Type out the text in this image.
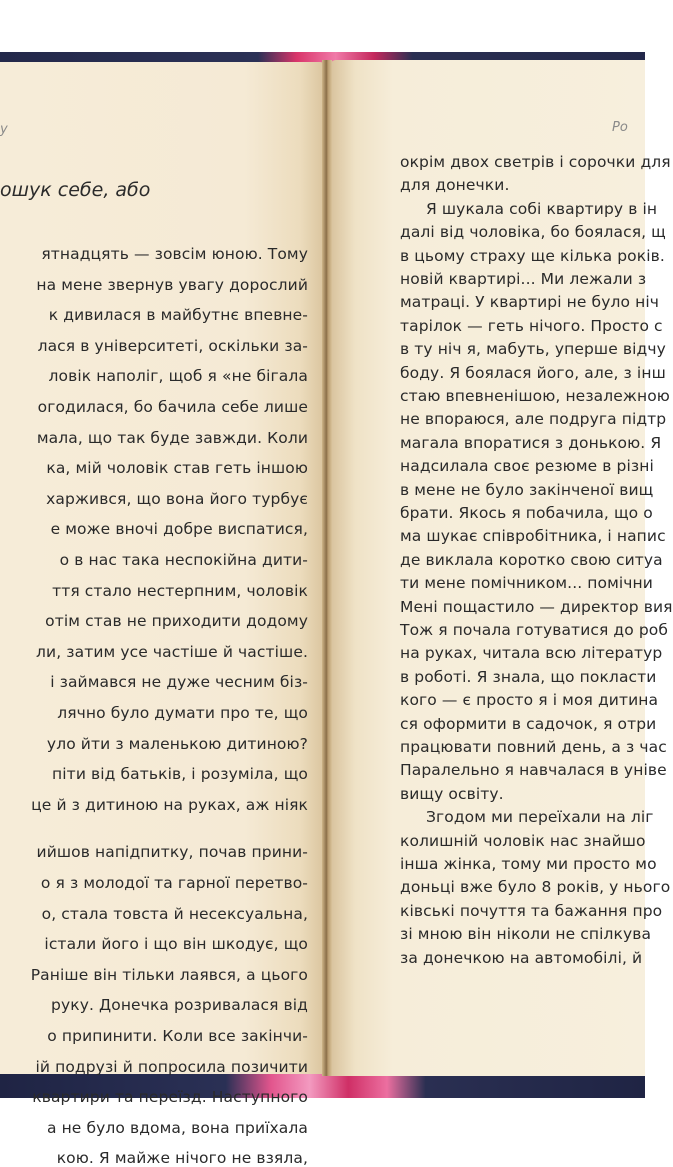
у
ошук себе, або
ятнадцять — зовсім юною. Тому
на мене звернув увагу дорослий
к дивилася в майбутнє впевне-
лася в університеті, оскільки за-
ловік наполіг, щоб я «не бігала
огодилася, бо бачила себе лише
мала, що так буде завжди. Коли
ка, мій чоловік став геть іншою
харжився, що вона його турбує
е може вночі добре виспатися,
о в нас така неспокійна дити-
ття стало нестерпним, чоловік
отім став не приходити додому
ли, затим усе частіше й частіше.
і займався не дуже чесним біз-
лячно було думати про те, що
уло йти з маленькою дитиною?
піти від батьків, і розуміла, що
це й з дитиною на руках, аж ніяк
ийшов напідпитку, почав прини-
о я з молодої та гарної перетво-
о, стала товста й несексуальна,
істали його і що він шкодує, що
Раніше він тільки лаявся, а цього
руку. Донечка розривалася від
о припинити. Коли все закінчи-
ій подрузі й попросила позичити
квартири та переїзд. Наступного
а не було вдома, вона приїхала
кою. Я майже нічого не взяла,
Ро
окрім двох светрів і сорочки для
для донечки.
Я шукала собі квартиру в ін
далі від чоловіка, бо боялася, щ
в цьому страху ще кілька років.
новій квартирі... Ми лежали з
матраці. У квартирі не було ніч
тарілок — геть нічого. Просто с
в ту ніч я, мабуть, уперше відчу
боду. Я боялася його, але, з інш
стаю впевненішою, незалежною
не впораюся, але подруга підтр
магала впоратися з донькою. Я
надсилала своє резюме в різні
в мене не було закінченої вищ
брати. Якось я побачила, що о
ма шукає співробітника, і напис
де виклала коротко свою ситуа
ти мене помічником... помічни
Мені пощастило — директор вия
Тож я почала готуватися до роб
на руках, читала всю літератур
в роботі. Я знала, що покласти
кого — є просто я і моя дитина
ся оформити в садочок, я отри
працювати повний день, а з час
Паралельно я навчалася в уніве
вищу освіту.
Згодом ми переїхали на ліг
колишній чоловік нас знайшо
інша жінка, тому ми просто мо
доньці вже було 8 років, у нього
ківські почуття та бажання про
зі мною він ніколи не спілкува
за донечкою на автомобілі, й
